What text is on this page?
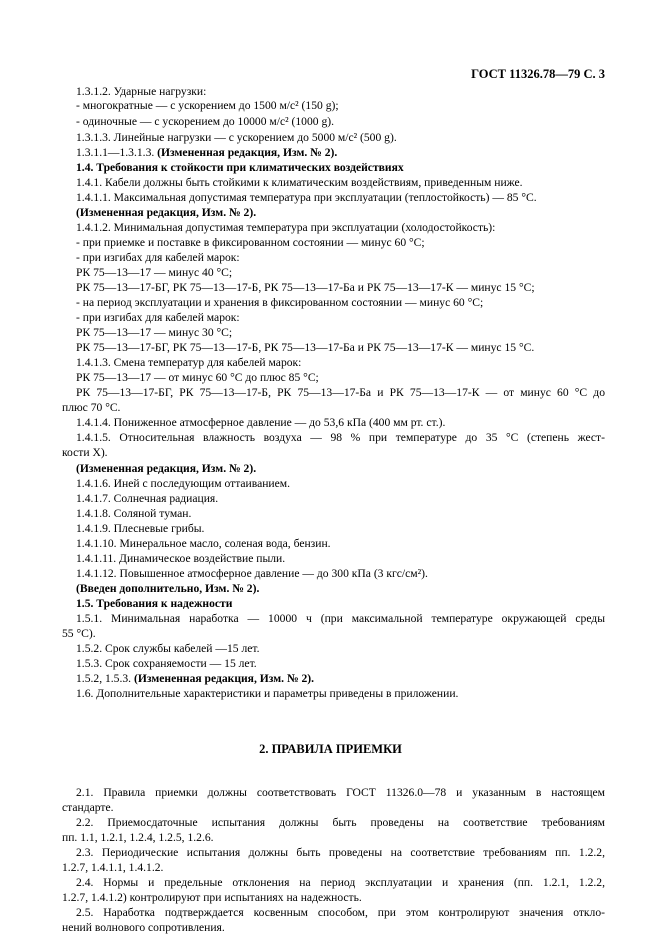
ГОСТ 11326.78—79 С. 3
1.3.1.2. Ударные нагрузки:
- многократные — с ускорением до 1500 м/с² (150 g);
- одиночные — с ускорением до 10000 м/с² (1000 g).
1.3.1.3. Линейные нагрузки — с ускорением до 5000 м/с² (500 g).
1.3.1.1—1.3.1.3. (Измененная редакция, Изм. № 2).
1.4. Требования к стойкости при климатических воздействиях
1.4.1. Кабели должны быть стойкими к климатическим воздействиям, приведенным ниже.
1.4.1.1. Максимальная допустимая температура при эксплуатации (теплостойкость) — 85 °С.
(Измененная редакция, Изм. № 2).
1.4.1.2. Минимальная допустимая температура при эксплуатации (холодостойкость):
- при приемке и поставке в фиксированном состоянии — минус 60 °С;
- при изгибах для кабелей марок:
РК 75—13—17 — минус 40 °С;
РК 75—13—17-БГ, РК 75—13—17-Б, РК 75—13—17-Ба и РК 75—13—17-К — минус 15 °С;
- на период эксплуатации и хранения в фиксированном состоянии — минус 60 °С;
- при изгибах для кабелей марок:
РК 75—13—17 — минус 30 °С;
РК 75—13—17-БГ, РК 75—13—17-Б, РК 75—13—17-Ба и РК 75—13—17-К — минус 15 °С.
1.4.1.3. Смена температур для кабелей марок:
РК 75—13—17 — от минус 60 °С до плюс 85 °С;
РК 75—13—17-БГ, РК 75—13—17-Б, РК 75—13—17-Ба и РК 75—13—17-К — от минус 60 °С до
плюс 70 °С.
1.4.1.4. Пониженное атмосферное давление — до 53,6 кПа (400 мм рт. ст.).
1.4.1.5. Относительная влажность воздуха — 98 % при температуре до 35 °С (степень жест-
кости Х).
(Измененная редакция, Изм. № 2).
1.4.1.6. Иней с последующим оттаиванием.
1.4.1.7. Солнечная радиация.
1.4.1.8. Соляной туман.
1.4.1.9. Плесневые грибы.
1.4.1.10. Минеральное масло, соленая вода, бензин.
1.4.1.11. Динамическое воздействие пыли.
1.4.1.12. Повышенное атмосферное давление — до 300 кПа (3 кгс/см²).
(Введен дополнительно, Изм. № 2).
1.5. Требования к надежности
1.5.1. Минимальная наработка — 10000 ч (при максимальной температуре окружающей среды
55 °С).
1.5.2. Срок службы кабелей —15 лет.
1.5.3. Срок сохраняемости — 15 лет.
1.5.2, 1.5.3. (Измененная редакция, Изм. № 2).
1.6. Дополнительные характеристики и параметры приведены в приложении.
2. ПРАВИЛА ПРИЕМКИ
2.1. Правила приемки должны соответствовать ГОСТ 11326.0—78 и указанным в настоящем
стандарте.
2.2. Приемосдаточные испытания должны быть проведены на соответствие требованиям
пп. 1.1, 1.2.1, 1.2.4, 1.2.5, 1.2.6.
2.3. Периодические испытания должны быть проведены на соответствие требованиям пп. 1.2.2,
1.2.7, 1.4.1.1, 1.4.1.2.
2.4. Нормы и предельные отклонения на период эксплуатации и хранения (пп. 1.2.1, 1.2.2,
1.2.7, 1.4.1.2) контролируют при испытаниях на надежность.
2.5. Наработка подтверждается косвенным способом, при этом контролируют значения откло-
нений волнового сопротивления.
